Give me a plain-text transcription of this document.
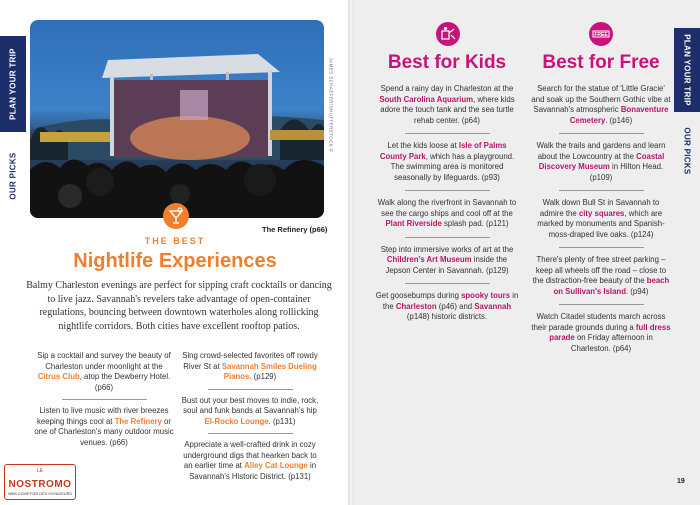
PLAN YOUR TRIP
OUR PICKS
JAMES SCHAEFER/SHUTTERSTOCK ©
The Refinery (p66)
THE BEST
Nightlife Experiences
Balmy Charleston evenings are perfect for sipping craft cocktails or dancing to live jazz. Savannah's revelers take advantage of open-container regulations, bouncing between downtown waterholes along rollicking nightlife corridors. Both cities have excellent rooftop patios.

Sip a cocktail and survey the beauty of Charleston under moonlight at the Citrus Club, atop the Dewberry Hotel. (p66)

Listen to live music with river breezes keeping things cool at The Refinery or one of Charleston's many outdoor music venues. (p66)

Sing crowd-selected favorites off rowdy River St at Savannah Smiles Dueling Pianos. (p129)

Bust out your best moves to indie, rock, soul and funk bands at Savannah's hip El-Rocko Lounge. (p131)

Appreciate a well-crafted drink in cozy underground digs that hearken back to an earlier time at Alley Cat Lounge in Savannah's Historic District. (p131)

LE
NOSTROMO
WEB COMPTOIR DES VOYAGEURS
FREE
Best for Kids	Best for Free

Spend a rainy day in Charleston at the South Carolina Aquarium, where kids adore the touch tank and the sea turtle rehab center. (p64)

Let the kids loose at Isle of Palms County Park, which has a playground. The swimming area is monitored seasonally by lifeguards. (p93)

Walk along the riverfront in Savannah to see the cargo ships and cool off at the Plant Riverside splash pad. (p121)

Step into immersive works of art at the Children's Art Museum inside the Jepson Center in Savannah. (p129)

Get goosebumps during spooky tours in the Charleston (p46) and Savannah (p148) historic districts.

Search for the statue of 'Little Gracie' and soak up the Southern Gothic vibe at Savannah's atmospheric Bonaventure Cemetery. (p146)

Walk the trails and gardens and learn about the Lowcountry at the Coastal Discovery Museum in Hilton Head. (p109)

Walk down Bull St in Savannah to admire the city squares, which are marked by monuments and Spanish-moss-draped live oaks. (p124)

There's plenty of free street parking – keep all wheels off the road – close to the distraction-free beauty of the beach on Sullivan's Island. (p94)

Watch Citadel students march across their parade grounds during a full dress parade on Friday afternoon in Charleston. (p64)

PLAN YOUR TRIP
OUR PICKS
19
